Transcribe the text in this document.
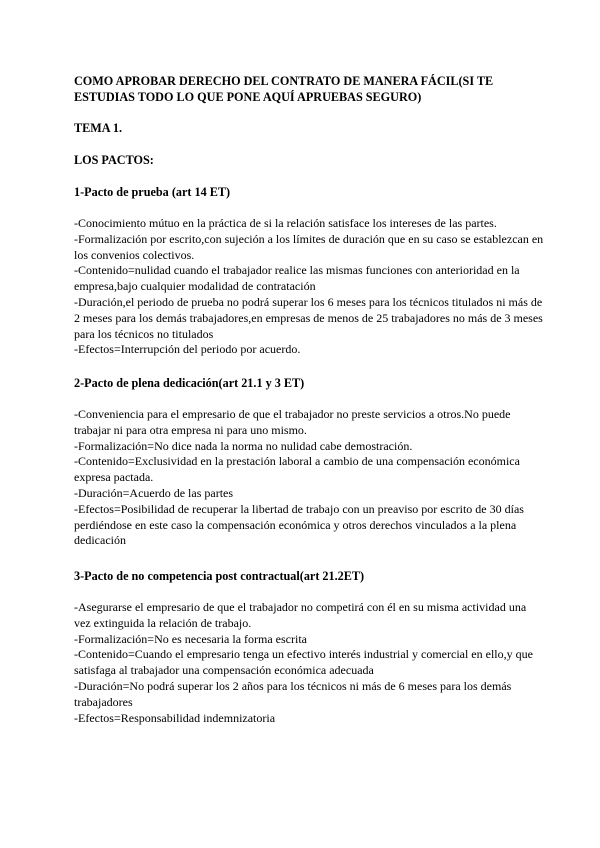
COMO APROBAR DERECHO DEL CONTRATO DE MANERA FÁCIL(SI TE ESTUDIAS TODO LO QUE PONE AQUÍ APRUEBAS SEGURO)

TEMA 1.

LOS PACTOS:

1-Pacto de prueba (art 14 ET)

-Conocimiento mútuo en la práctica de si la relación satisface los intereses de las partes.
-Formalización por escrito,con sujeción a los límites de duración que en su caso se establezcan en los convenios colectivos.
-Contenido=nulidad cuando el trabajador realice las mismas funciones con anterioridad en la empresa,bajo cualquier modalidad de contratación
-Duración,el periodo de prueba no podrá superar los 6 meses para los técnicos titulados ni más de 2 meses para los demás trabajadores,en empresas de menos de 25 trabajadores no más de 3 meses para los técnicos no titulados
-Efectos=Interrupción del periodo por acuerdo.

2-Pacto de plena dedicación(art 21.1 y 3 ET)

-Conveniencia para el empresario de que el trabajador no preste servicios a otros.No puede trabajar ni para otra empresa ni para uno mismo.
-Formalización=No dice nada la norma no nulidad cabe demostración.
-Contenido=Exclusividad en la prestación laboral a cambio de una compensación económica expresa pactada.
-Duración=Acuerdo de las partes
-Efectos=Posibilidad de recuperar la libertad de trabajo con un preaviso por escrito de 30 días perdiéndose en este caso la compensación económica y otros derechos vinculados a la plena dedicación

3-Pacto de no competencia post contractual(art 21.2ET)

-Asegurarse el empresario de que el trabajador no competirá con él en su misma actividad una vez extinguida la relación de trabajo.
-Formalización=No es necesaria la forma escrita
-Contenido=Cuando el empresario tenga un efectivo interés industrial y comercial en ello,y que satisfaga al trabajador una compensación económica adecuada
-Duración=No podrá superar los 2 años para los técnicos ni más de 6 meses para los demás trabajadores
-Efectos=Responsabilidad indemnizatoria
